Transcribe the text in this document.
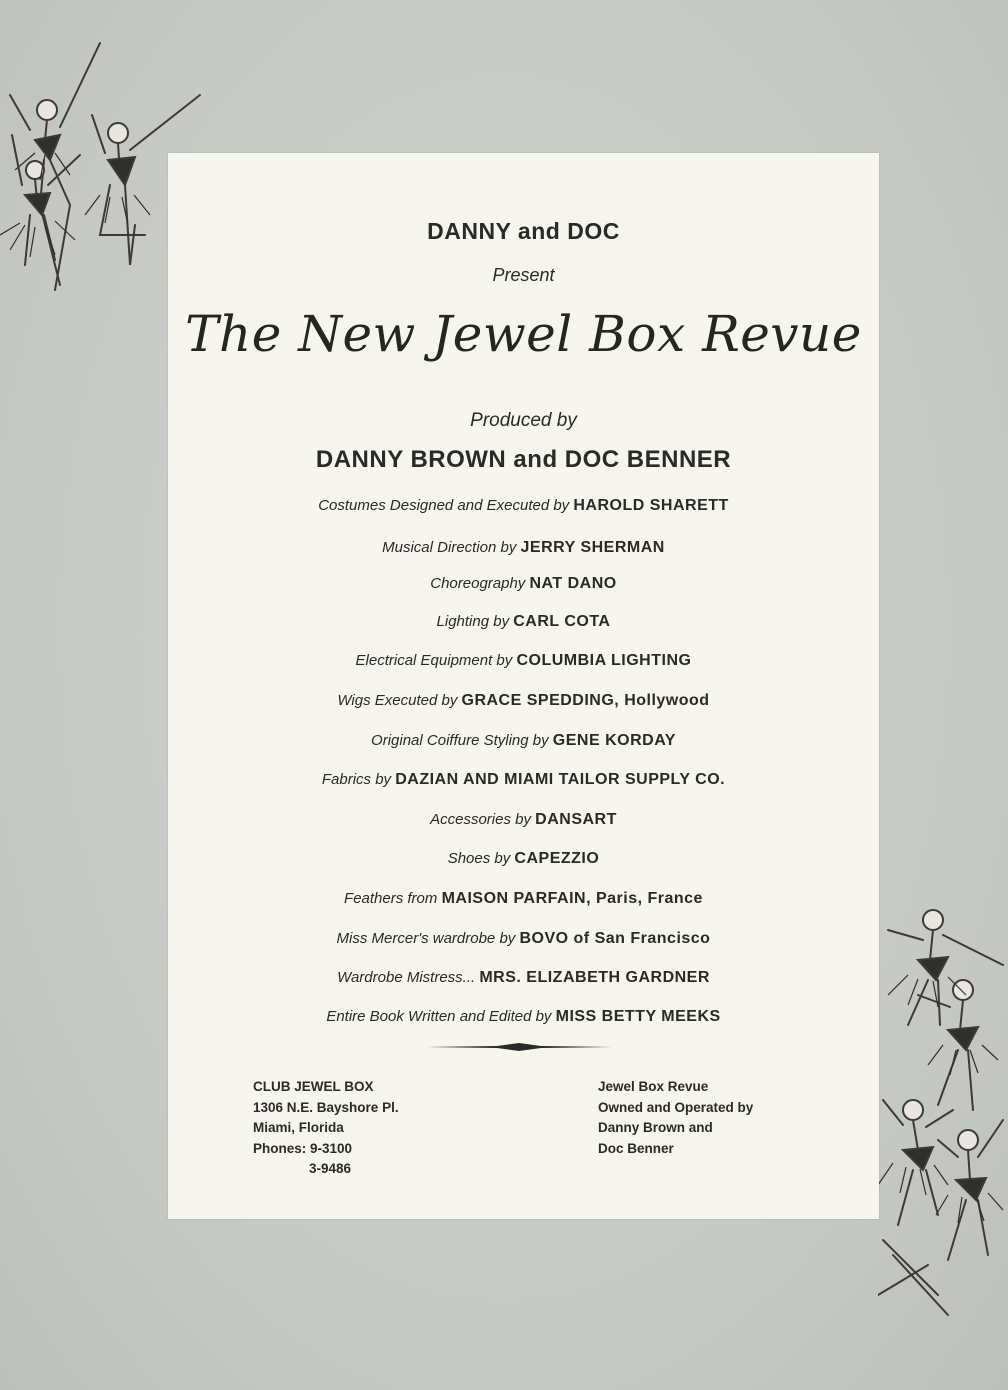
DANNY and DOC
Present
The New Jewel Box Revue
Produced by
DANNY BROWN and DOC BENNER
Costumes Designed and Executed by HAROLD SHARETT
Musical Direction by JERRY SHERMAN
Choreography NAT DANO
Lighting by CARL COTA
Electrical Equipment by COLUMBIA LIGHTING
Wigs Executed by GRACE SPEDDING, Hollywood
Original Coiffure Styling by GENE KORDAY
Fabrics by DAZIAN AND MIAMI TAILOR SUPPLY CO.
Accessories by DANSART
Shoes by CAPEZZIO
Feathers from MAISON PARFAIN, Paris, France
Miss Mercer's wardrobe by BOVO of San Francisco
Wardrobe Mistress... MRS. ELIZABETH GARDNER
Entire Book Written and Edited by MISS BETTY MEEKS
CLUB JEWEL BOX
1306 N.E. Bayshore Pl.
Miami, Florida
Phones: 9-3100
3-9486
Jewel Box Revue
Owned and Operated by
Danny Brown and
Doc Benner
